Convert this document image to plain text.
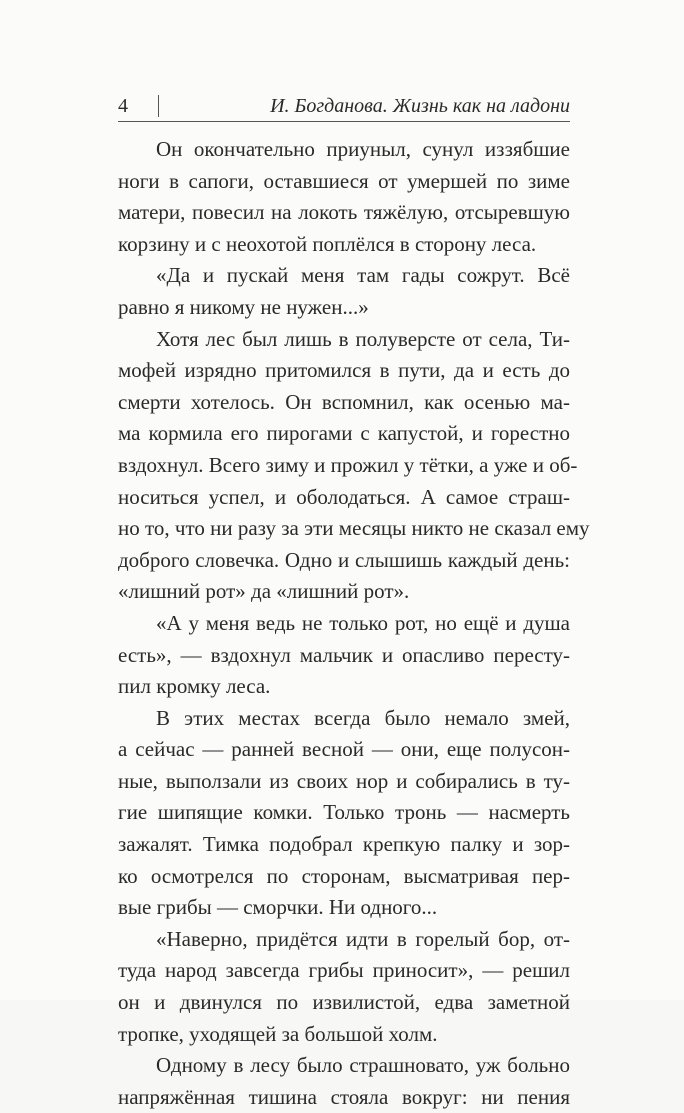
4	И. Богданова. Жизнь как на ладони
Он окончательно приуныл, сунул иззябшие
ноги в сапоги, оставшиеся от умершей по зиме
матери, повесил на локоть тяжёлую, отсыревшую
корзину и с неохотой поплёлся в сторону леса.
«Да и пускай меня там гады сожрут. Всё
равно я никому не нужен...»
Хотя лес был лишь в полуверсте от села, Ти-
мофей изрядно притомился в пути, да и есть до
смерти хотелось. Он вспомнил, как осенью ма-
ма кормила его пирогами с капустой, и горестно
вздохнул. Всего зиму и прожил у тётки, а уже и об-
носиться успел, и оболодаться. А самое страш-
но то, что ни разу за эти месяцы никто не сказал ему
доброго словечка. Одно и слышишь каждый день:
«лишний рот» да «лишний рот».
«А у меня ведь не только рот, но ещё и душа
есть», — вздохнул мальчик и опасливо пересту-
пил кромку леса.
В этих местах всегда было немало змей,
а сейчас — ранней весной — они, еще полусон-
ные, выползали из своих нор и собирались в ту-
гие шипящие комки. Только тронь — насмерть
зажалят. Тимка подобрал крепкую палку и зор-
ко осмотрелся по сторонам, высматривая пер-
вые грибы — сморчки. Ни одного...
«Наверно, придётся идти в горелый бор, от-
туда народ завсегда грибы приносит», — решил
он и двинулся по извилистой, едва заметной
тропке, уходящей за большой холм.
Одному в лесу было страшновато, уж больно
напряжённая тишина стояла вокруг: ни пения
